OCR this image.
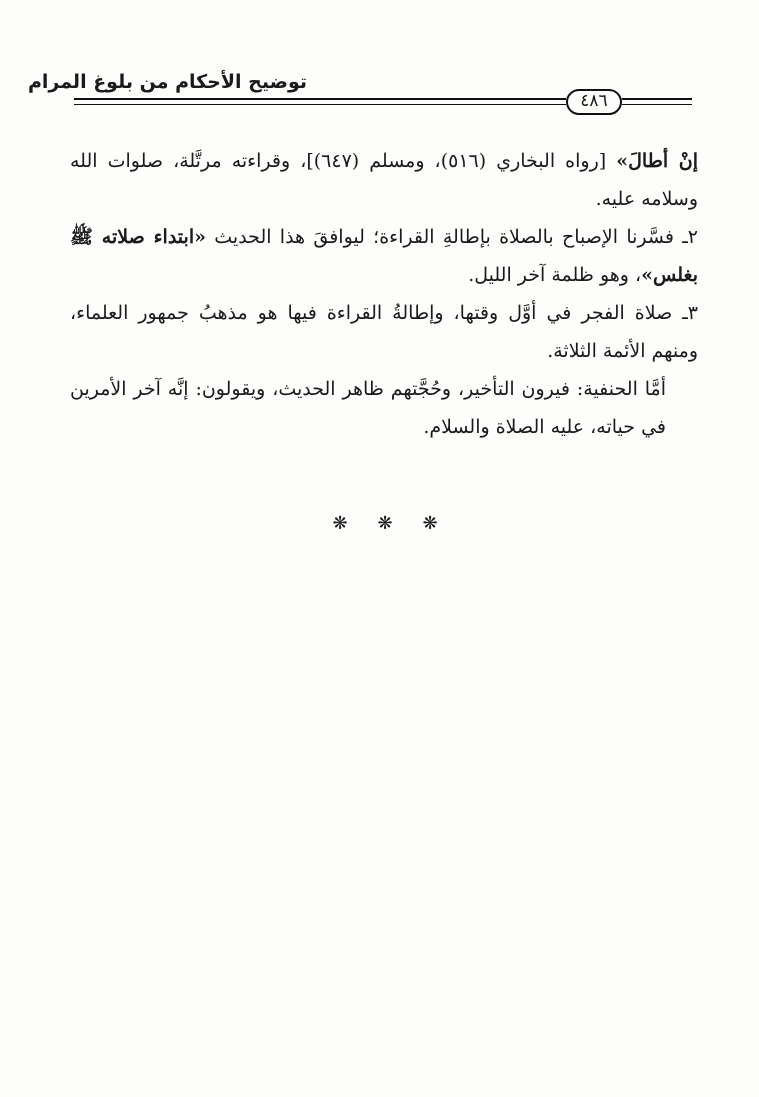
توضيح الأحكام من بلوغ المرام
٤٨٦

إنْ أطالَ» [رواه البخاري (٥١٦)، ومسلم (٦٤٧)]، وقراءته مرتَّلة، صلوات الله وسلامه عليه.

٢ـ فسَّرنا الإصباح بالصلاة بإطالةِ القراءة؛ ليوافقَ هذا الحديث «ابتداء صلاته ﷺ بغلس»، وهو ظلمة آخر الليل.

٣ـ صلاة الفجر في أوَّل وقتها، وإطالةُ القراءة فيها هو مذهبُ جمهور العلماء، ومنهم الأئمة الثلاثة.

أمَّا الحنفية: فيرون التأخير، وحُجَّتهم ظاهر الحديث، ويقولون: إنَّه آخر الأمرين في حياته، عليه الصلاة والسلام.

❋ ❋ ❋
